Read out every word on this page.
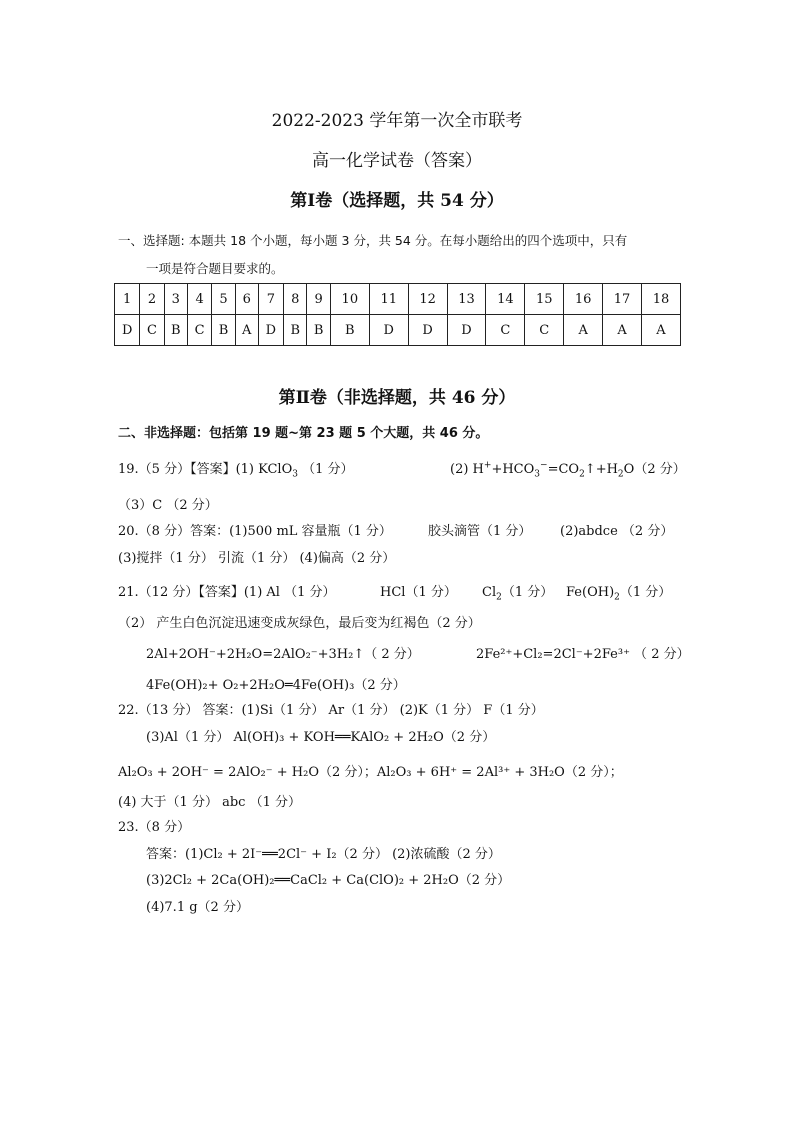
2022-2023 学年第一次全市联考
高一化学试卷（答案）
第Ⅰ卷（选择题，共 54 分）
一、选择题: 本题共 18 个小题，每小题 3 分，共 54 分。在每小题给出的四个选项中，只有
一项是符合题目要求的。
1	2	3	4	5	6	7	8	9	10	11	12	13	14	15	16	17	18
D	C	B	C	B	A	D	B	B	B	D	D	D	C	C	A	A	A
第Ⅱ卷（非选择题，共 46 分）
二、非选择题：包括第 19 题~第 23 题 5 个大题，共 46 分。
19.（5 分）【答案】(1) KClO$_3$ （1 分）	(2) $H^++HCO_3^-=CO_2↑+H_2O(2$ 分）
（3）C （2 分）
20.（8 分）答案：(1)500 mL 容量瓶（1 分）	胶头滴管（1 分） (2)abdce （2 分）
(3)搅拌（1 分） 引流（1 分） (4)偏高（2 分）
21.（12 分）【答案】(1) Al （1 分）	HCl（1 分） $Cl_2(1$ 分） $Fe(OH)_2(1$ 分）
（2） 产生白色沉淀迅速变成灰绿色，最后变为红褐色（2 分）
2Al+2OH⁻+2H₂O=2AlO₂⁻+3H₂↑（ 2 分）	2Fe²⁺+Cl₂=2Cl⁻+2Fe³⁺ （ 2 分）
4Fe(OH)₂+ O₂+2H₂O═4Fe(OH)₃（2 分）
22.（13 分） 答案：(1)Si（1 分） Ar（1 分） (2)K（1 分） F（1 分）
(3)Al（1 分） Al(OH)₃ + KOH══KAlO₂ + 2H₂O（2 分）
Al₂O₃ + 2OH⁻ = 2AlO₂⁻ + H₂O（2 分）；Al₂O₃ + 6H⁺ = 2Al³⁺ + 3H₂O（2 分）；
(4) 大于（1 分） abc （1 分）
23.（8 分）
答案：(1)Cl₂ + 2I⁻══2Cl⁻ + I₂（2 分） (2)浓硫酸（2 分）
(3)2Cl₂ + 2Ca(OH)₂══CaCl₂ + Ca(ClO)₂ + 2H₂O（2 分）
(4)7.1 g（2 分）
